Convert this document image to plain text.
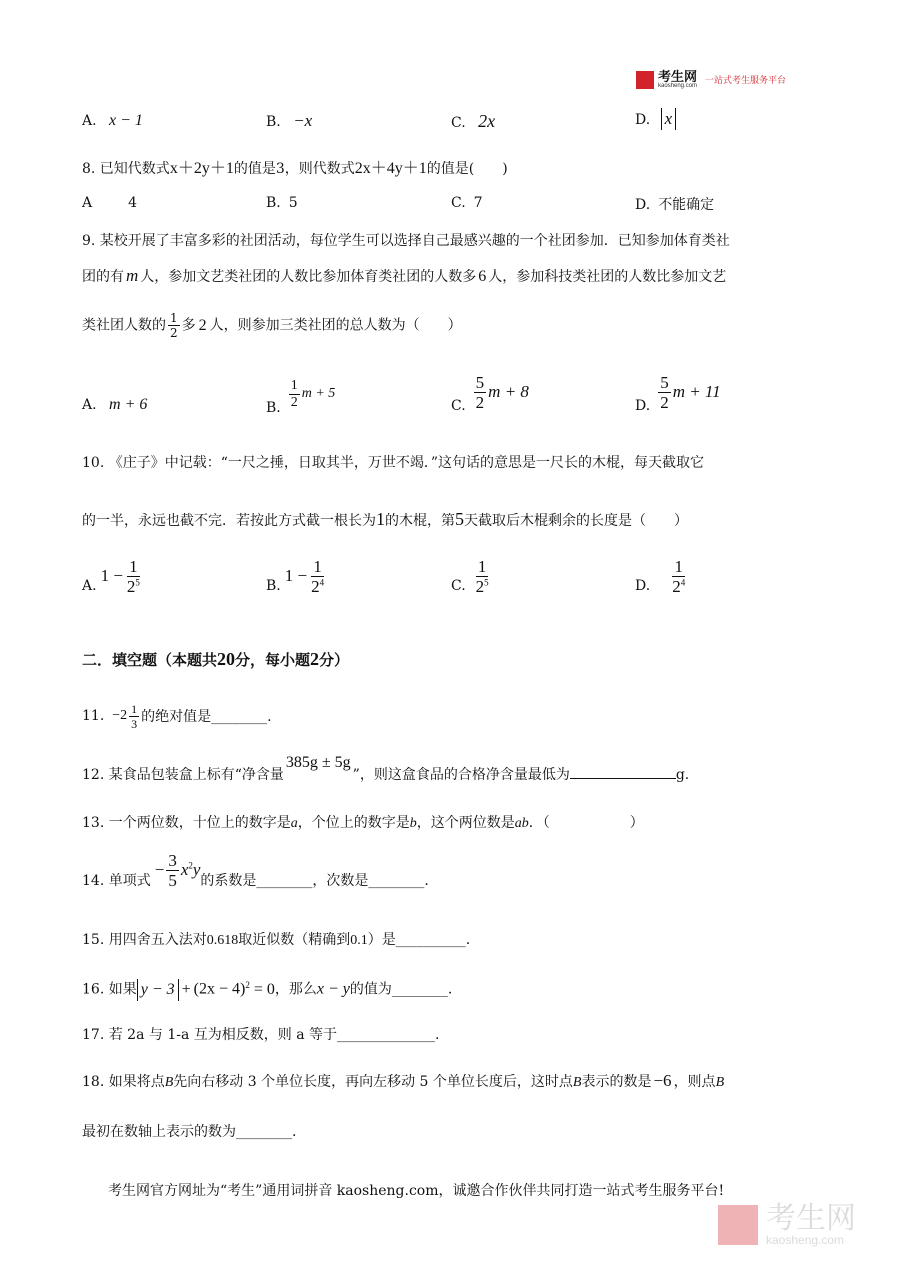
考生网
kaosheng.com 一站式考生服务平台
A. x − 1	B. −x	C. 2x	D. x
8. 已知代数式x＋2y＋1的值是3，则代数式2x＋4y＋1的值是(　　)
A	4	B. 5	C. 7	D. 不能确定
9. 某校开展了丰富多彩的社团活动，每位学生可以选择自己最感兴趣的一个社团参加．已知参加体育类社
团的有 m 人，参加文艺类社团的人数比参加体育类社团的人数多 6 人，参加科技类社团的人数比参加文艺
类社团人数的 $\frac{1}{2}$ 多 2 人，则参加三类社团的总人数为（　　）
A. m + 6	B. $\frac{1}{2}$ m + 5
C. $\frac{5}{2}$ m + 8
D. $\frac{5}{2}$ m + 11
10. 《庄子》中记载：“一尺之捶，日取其半，万世不竭．”这句话的意思是一尺长的木棍，每天截取它
的一半，永远也截不完．若按此方式截一根长为1的木棍，第5天截取后木棍剩余的长度是（　　）
A.
$1 - \frac{1}{2^5}$	B.
$1 - \frac{1}{2^4}$	C. $\frac{1}{2^5}$	D. $\frac{1}{2^4}$
二．填空题（本题共20分，每小题2分）
11. $-2 \frac{1}{3}$ 的绝对值是________.
12. 某食品包装盒上标有“净含量385g ± 5g”，则这盒食品的合格净含量最低为	g.
13. 一个两位数，十位上的数字是a，个位上的数字是b，这个两位数是ab．（	）
14. 单项式
− $\frac{3}{5} x^2y$
的系数是________，次数是________.
15. 用四舍五入法对0.618取近似数（精确到0.1）是__________.
16. 如果 $y - 3 + (2x - 4)^2 = 0$，那么x − y的值为________.
17. 若 2a 与 1-a 互为相反数，则 a 等于______________.
18. 如果将点B先向右移动 3 个单位长度，再向左移动 5 个单位长度后，这时点B表示的数是 −6 ，则点B
最初在数轴上表示的数为________.
考生网官方网址为“考生”通用词拼音 kaosheng.com，诚邀合作伙伴共同打造一站式考生服务平台!
考生网
kaosheng.com
